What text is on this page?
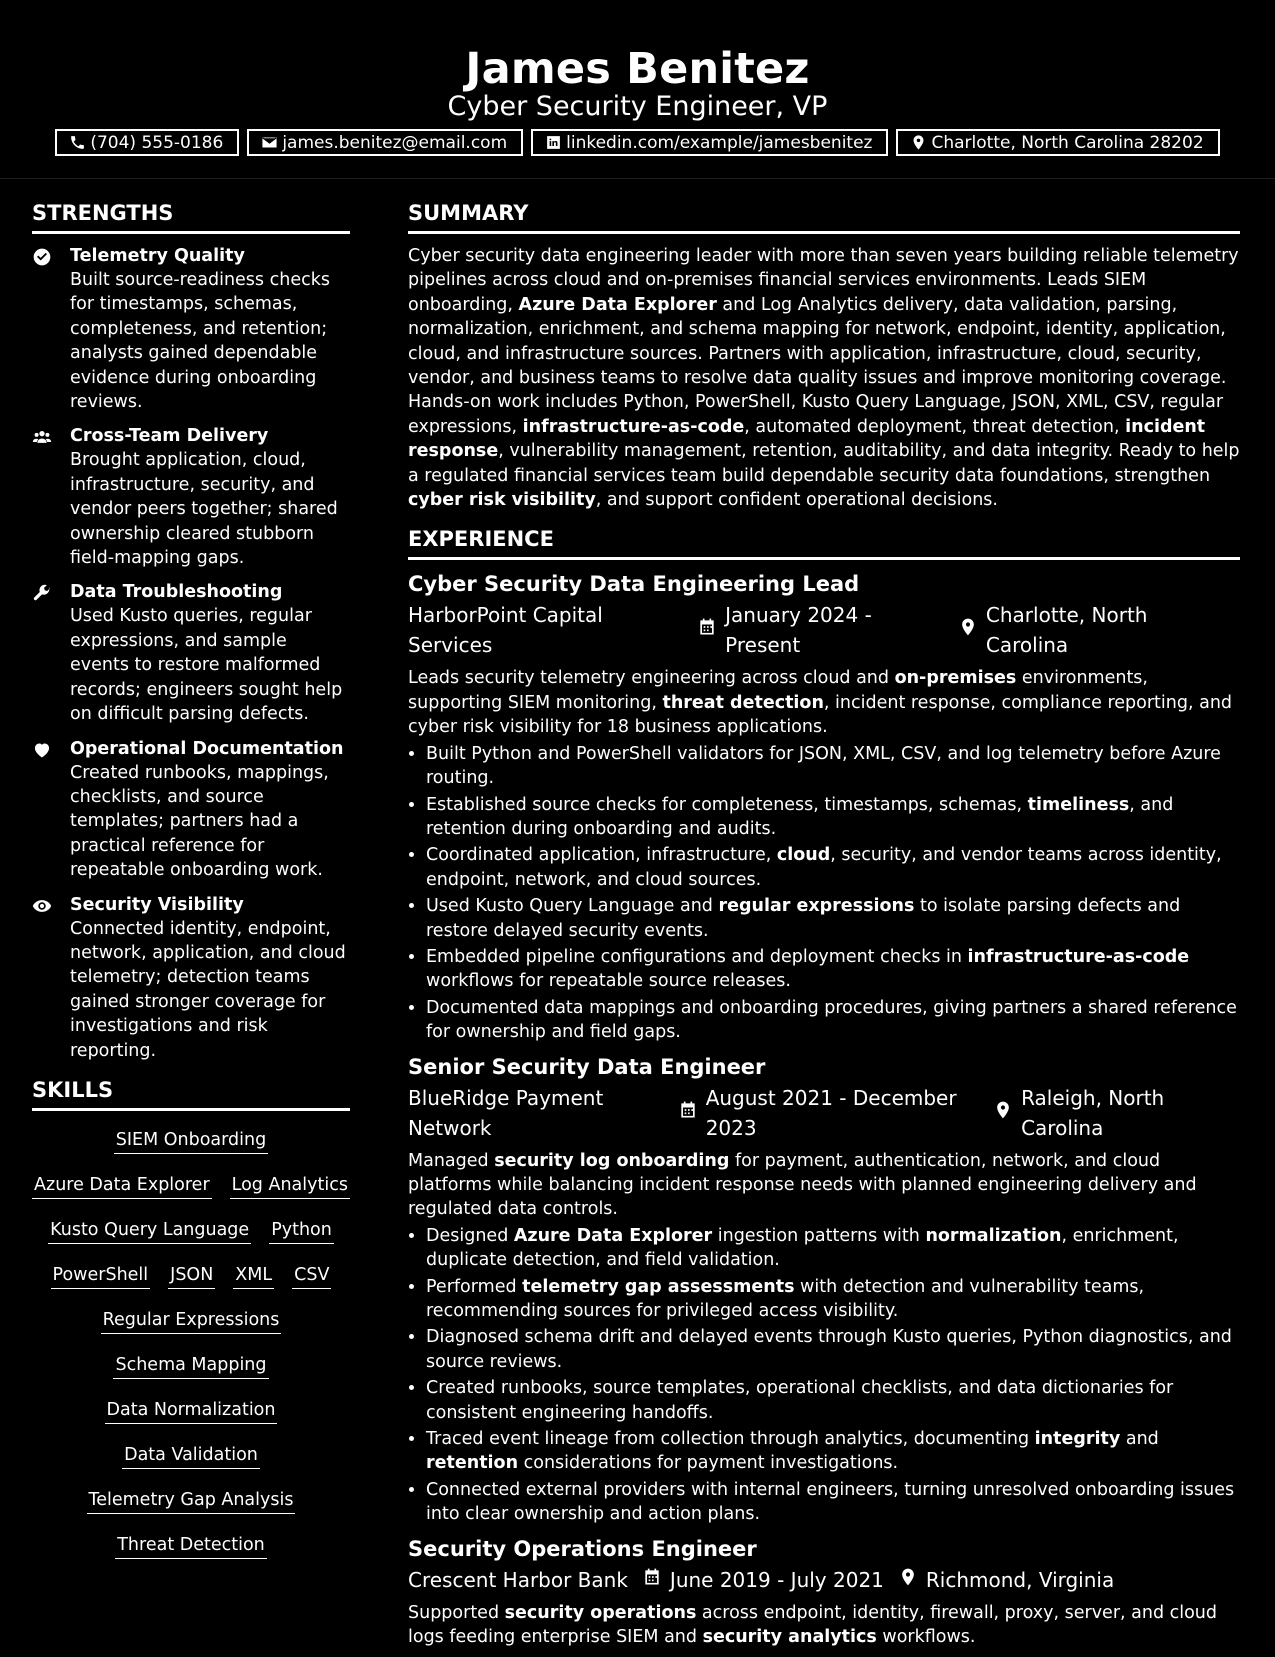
James Benitez
Cyber Security Engineer, VP
(704) 555-0186	james.benitez@email.com	linkedin.com/example/jamesbenitez	Charlotte, North Carolina 28202
STRENGTHS
Telemetry Quality
Built source-readiness checks for timestamps, schemas, completeness, and retention; analysts gained dependable evidence during onboarding reviews.
Cross-Team Delivery
Brought application, cloud, infrastructure, security, and vendor peers together; shared ownership cleared stubborn field-mapping gaps.
Data Troubleshooting
Used Kusto queries, regular expressions, and sample events to restore malformed records; engineers sought help on difficult parsing defects.
Operational Documentation
Created runbooks, mappings, checklists, and source templates; partners had a practical reference for repeatable onboarding work.
Security Visibility
Connected identity, endpoint, network, application, and cloud telemetry; detection teams gained stronger coverage for investigations and risk reporting.
SKILLS
SIEM Onboarding
Azure Data Explorer Log Analytics
Kusto Query Language Python
PowerShell JSON XML CSV
Regular Expressions
Schema Mapping
Data Normalization
Data Validation
Telemetry Gap Analysis
Threat Detection
SUMMARY
Cyber security data engineering leader with more than seven years building reliable telemetry pipelines across cloud and on-premises financial services environments. Leads SIEM onboarding, Azure Data Explorer and Log Analytics delivery, data validation, parsing, normalization, enrichment, and schema mapping for network, endpoint, identity, application, cloud, and infrastructure sources. Partners with application, infrastructure, cloud, security, vendor, and business teams to resolve data quality issues and improve monitoring coverage. Hands-on work includes Python, PowerShell, Kusto Query Language, JSON, XML, CSV, regular expressions, infrastructure-as-code, automated deployment, threat detection, incident response, vulnerability management, retention, auditability, and data integrity. Ready to help a regulated financial services team build dependable security data foundations, strengthen cyber risk visibility, and support confident operational decisions.
EXPERIENCE
Cyber Security Data Engineering Lead
HarborPoint Capital Services
January 2024 - Present
Charlotte, North Carolina
Leads security telemetry engineering across cloud and on-premises environments, supporting SIEM monitoring, threat detection, incident response, compliance reporting, and cyber risk visibility for 18 business applications.
• Built Python and PowerShell validators for JSON, XML, CSV, and log telemetry before Azure routing.
• Established source checks for completeness, timestamps, schemas, timeliness, and retention during onboarding and audits.
• Coordinated application, infrastructure, cloud, security, and vendor teams across identity, endpoint, network, and cloud sources.
• Used Kusto Query Language and regular expressions to isolate parsing defects and restore delayed security events.
• Embedded pipeline configurations and deployment checks in infrastructure-as-code workflows for repeatable source releases.
• Documented data mappings and onboarding procedures, giving partners a shared reference for ownership and field gaps.
Senior Security Data Engineer
BlueRidge Payment Network
August 2021 - December 2023
Raleigh, North Carolina
Managed security log onboarding for payment, authentication, network, and cloud platforms while balancing incident response needs with planned engineering delivery and regulated data controls.
• Designed Azure Data Explorer ingestion patterns with normalization, enrichment, duplicate detection, and field validation.
• Performed telemetry gap assessments with detection and vulnerability teams, recommending sources for privileged access visibility.
• Diagnosed schema drift and delayed events through Kusto queries, Python diagnostics, and source reviews.
• Created runbooks, source templates, operational checklists, and data dictionaries for consistent engineering handoffs.
• Traced event lineage from collection through analytics, documenting integrity and retention considerations for payment investigations.
• Connected external providers with internal engineers, turning unresolved onboarding issues into clear ownership and action plans.
Security Operations Engineer
Crescent Harbor Bank June 2019 - July 2021 Richmond, Virginia
Supported security operations across endpoint, identity, firewall, proxy, server, and cloud logs feeding enterprise SIEM and security analytics workflows.
